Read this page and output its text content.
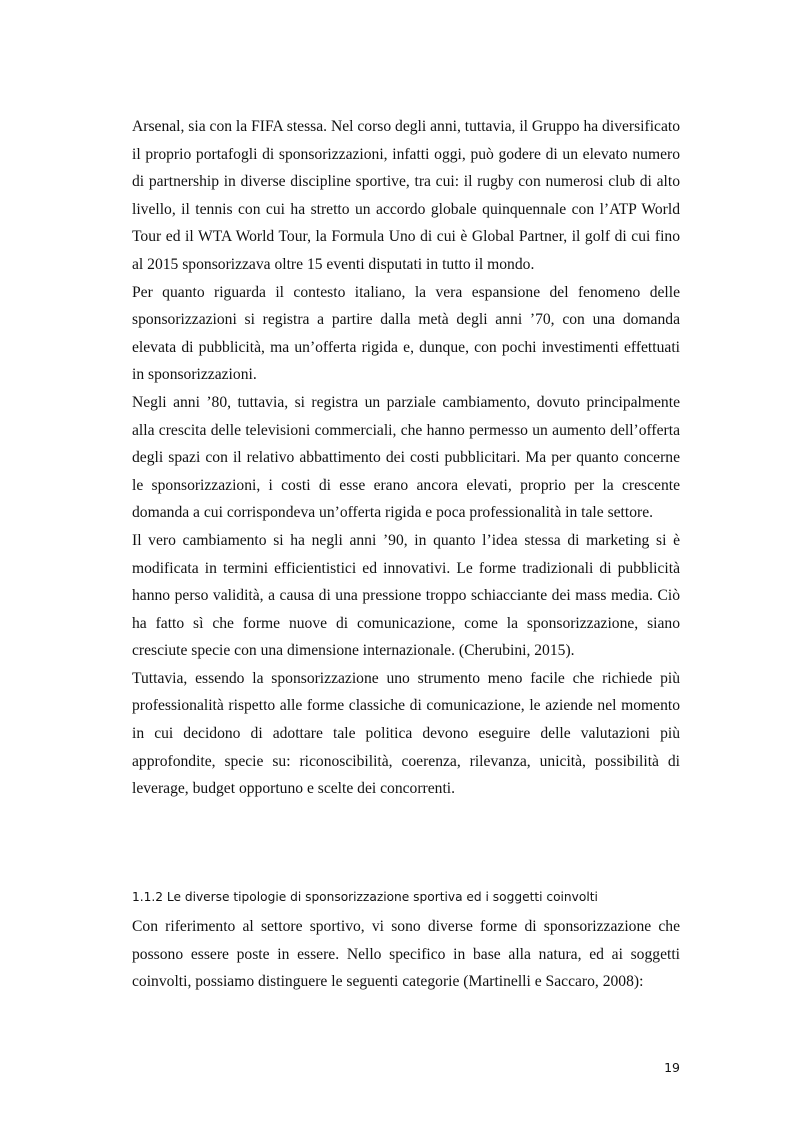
Arsenal, sia con la FIFA stessa. Nel corso degli anni, tuttavia, il Gruppo ha diversificato il proprio portafogli di sponsorizzazioni, infatti oggi, può godere di un elevato numero di partnership in diverse discipline sportive, tra cui: il rugby con numerosi club di alto livello, il tennis con cui ha stretto un accordo globale quinquennale con l’ATP World Tour ed il WTA World Tour, la Formula Uno di cui è Global Partner, il golf di cui fino al 2015 sponsorizzava oltre 15 eventi disputati in tutto il mondo.

Per quanto riguarda il contesto italiano, la vera espansione del fenomeno delle sponsorizzazioni si registra a partire dalla metà degli anni ’70, con una domanda elevata di pubblicità, ma un’offerta rigida e, dunque, con pochi investimenti effettuati in sponsorizzazioni.

Negli anni ’80, tuttavia, si registra un parziale cambiamento, dovuto principalmente alla crescita delle televisioni commerciali, che hanno permesso un aumento dell’offerta degli spazi con il relativo abbattimento dei costi pubblicitari. Ma per quanto concerne le sponsorizzazioni, i costi di esse erano ancora elevati, proprio per la crescente domanda a cui corrispondeva un’offerta rigida e poca professionalità in tale settore.

Il vero cambiamento si ha negli anni ’90, in quanto l’idea stessa di marketing si è modificata in termini efficientistici ed innovativi. Le forme tradizionali di pubblicità hanno perso validità, a causa di una pressione troppo schiacciante dei mass media. Ciò ha fatto sì che forme nuove di comunicazione, come la sponsorizzazione, siano cresciute specie con una dimensione internazionale. (Cherubini, 2015).

Tuttavia, essendo la sponsorizzazione uno strumento meno facile che richiede più professionalità rispetto alle forme classiche di comunicazione, le aziende nel momento in cui decidono di adottare tale politica devono eseguire delle valutazioni più approfondite, specie su: riconoscibilità, coerenza, rilevanza, unicità, possibilità di leverage, budget opportuno e scelte dei concorrenti.

1.1.2 Le diverse tipologie di sponsorizzazione sportiva ed i soggetti coinvolti

Con riferimento al settore sportivo, vi sono diverse forme di sponsorizzazione che possono essere poste in essere. Nello specifico in base alla natura, ed ai soggetti coinvolti, possiamo distinguere le seguenti categorie (Martinelli e Saccaro, 2008):

19
